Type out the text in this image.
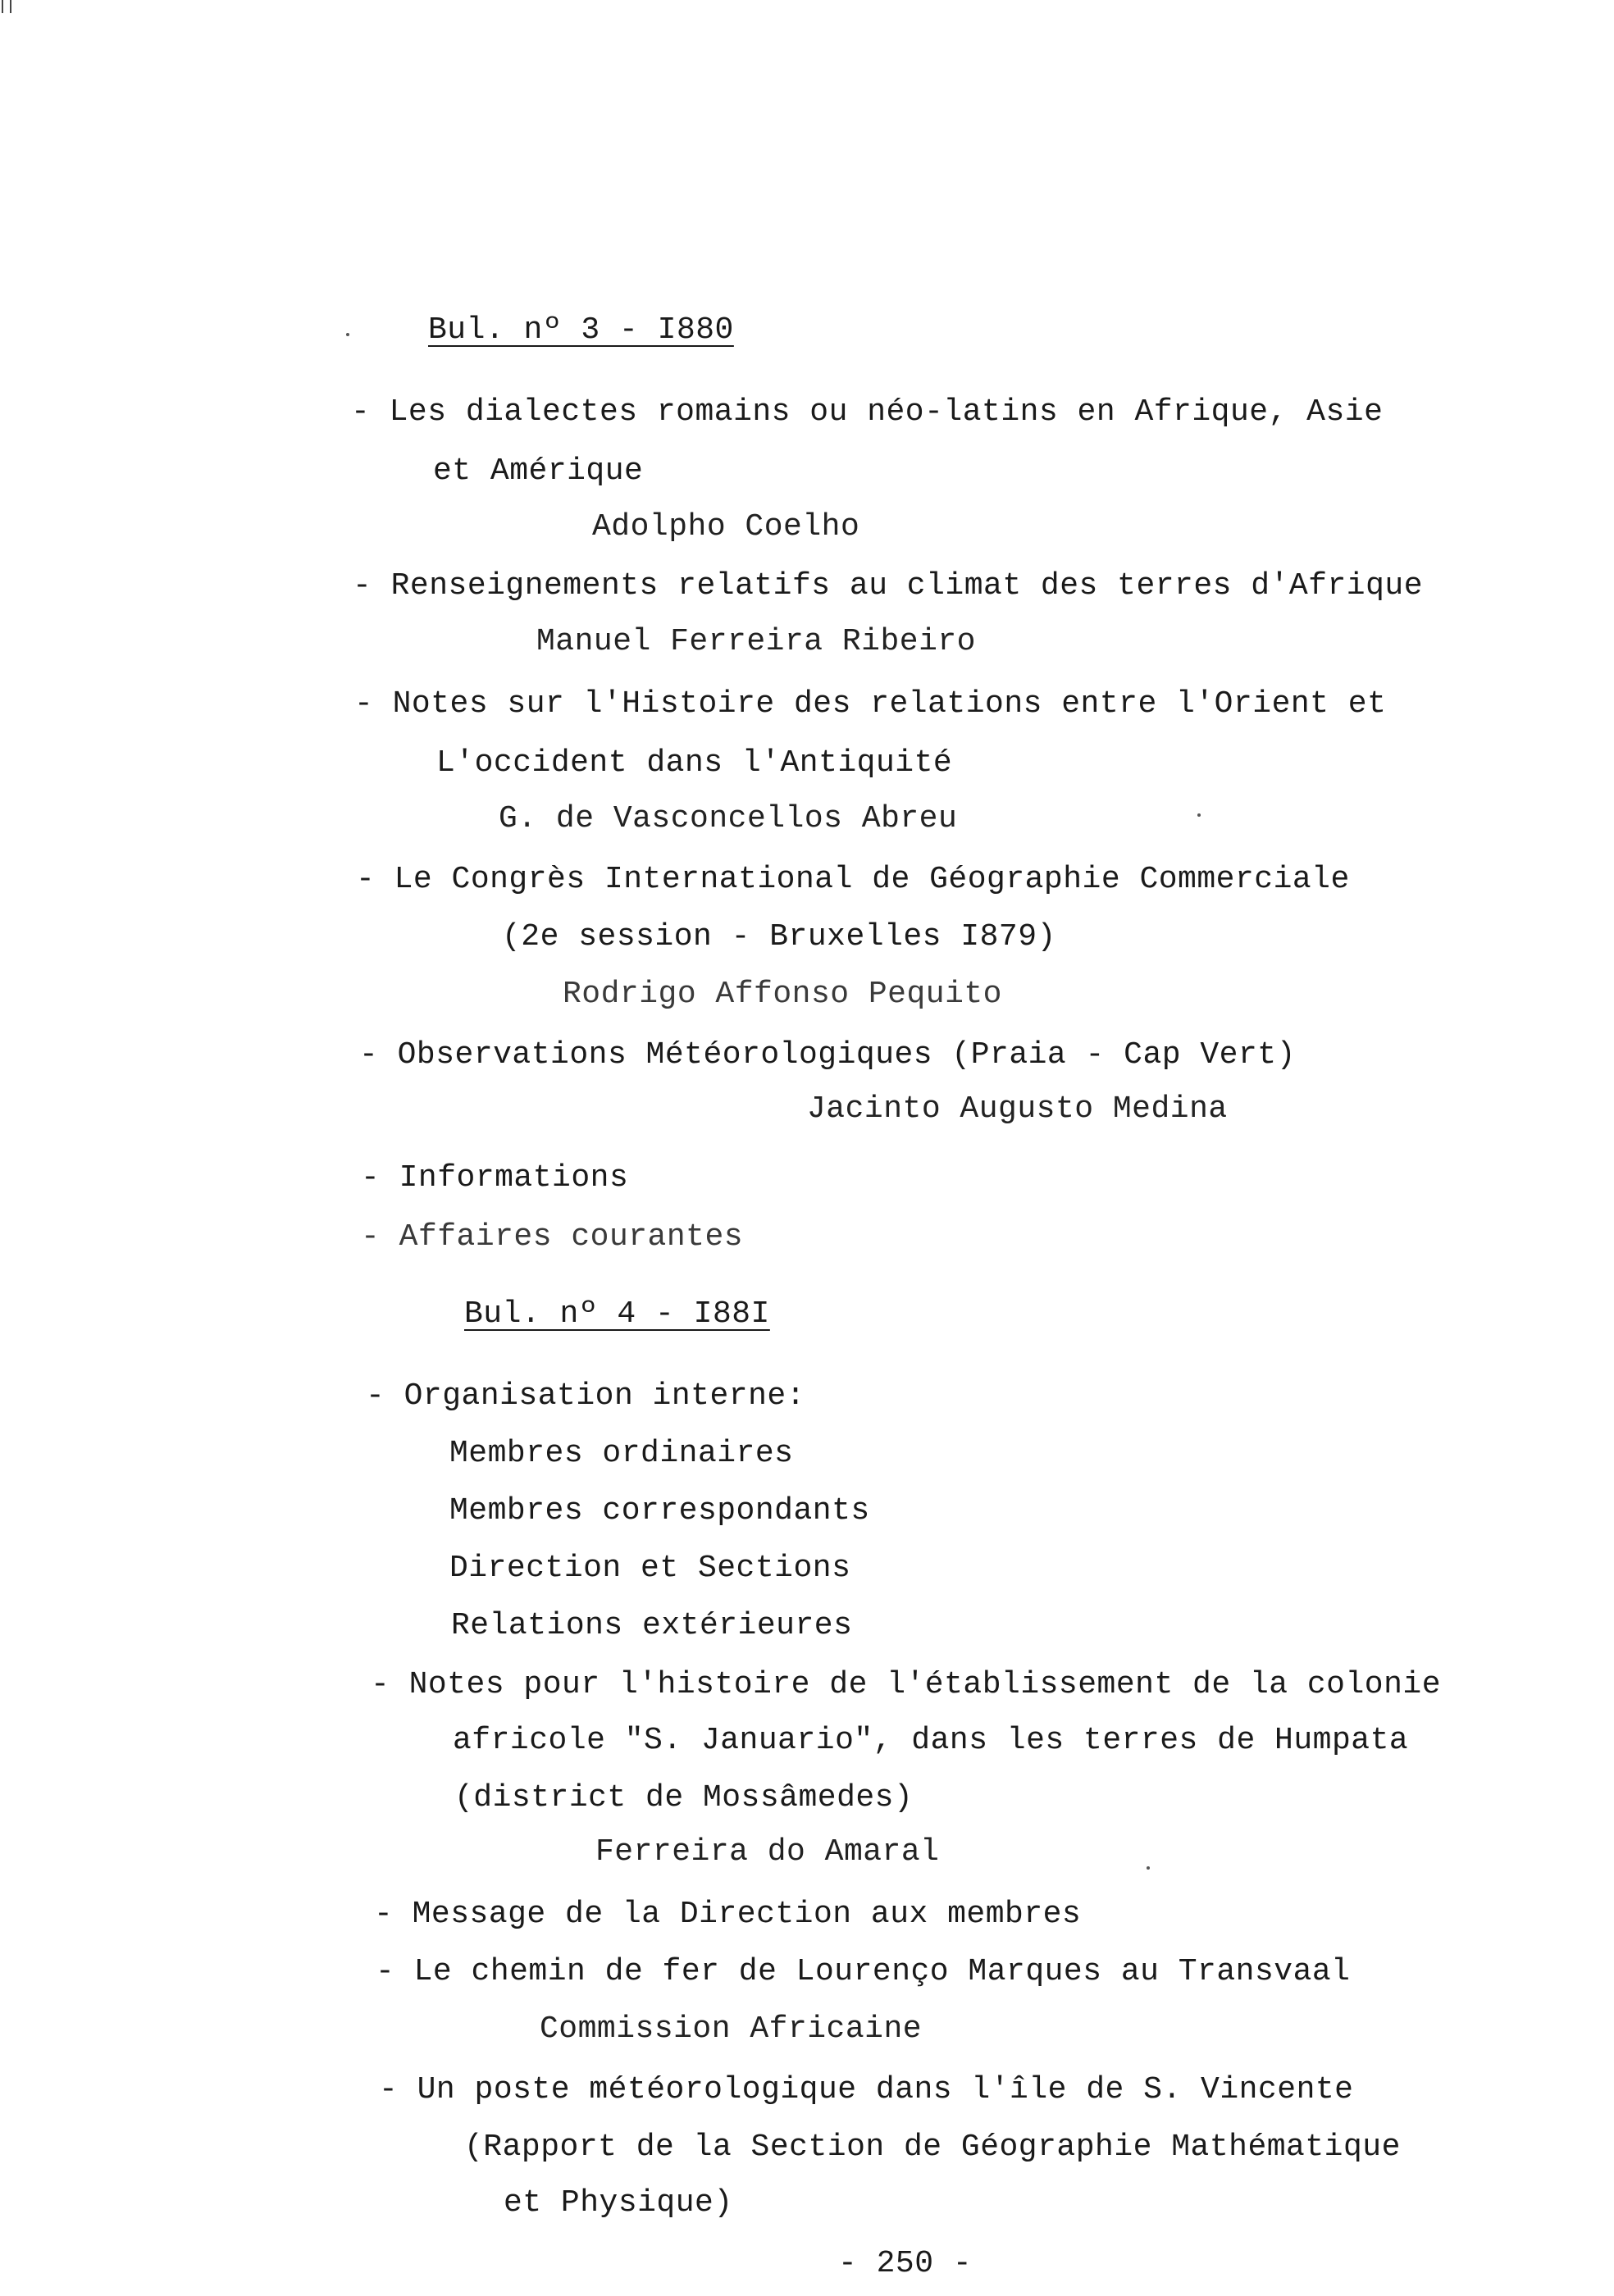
Bul. nº 3 - I880
- Les dialectes romains ou néo-latins en Afrique, Asie
et Amérique
Adolpho Coelho
- Renseignements relatifs au climat des terres d'Afrique
Manuel Ferreira Ribeiro
- Notes sur l'Histoire des relations entre l'Orient et
L'occident dans l'Antiquité
G. de Vasconcellos Abreu
- Le Congrès International de Géographie Commerciale
(2e session - Bruxelles I879)
Rodrigo Affonso Pequito
- Observations Météorologiques (Praia - Cap Vert)
Jacinto Augusto Medina
- Informations
- Affaires courantes
Bul. nº 4 - I88I
- Organisation interne:
Membres ordinaires
Membres correspondants
Direction et Sections
Relations extérieures
- Notes pour l'histoire de l'établissement de la colonie
africole "S. Januario", dans les terres de Humpata
(district de Mossâmedes)
Ferreira do Amaral
- Message de la Direction aux membres
- Le chemin de fer de Lourenço Marques au Transvaal
Commission Africaine
- Un poste météorologique dans l'île de S. Vincente
(Rapport de la Section de Géographie Mathématique
et Physique)
- 250 -
